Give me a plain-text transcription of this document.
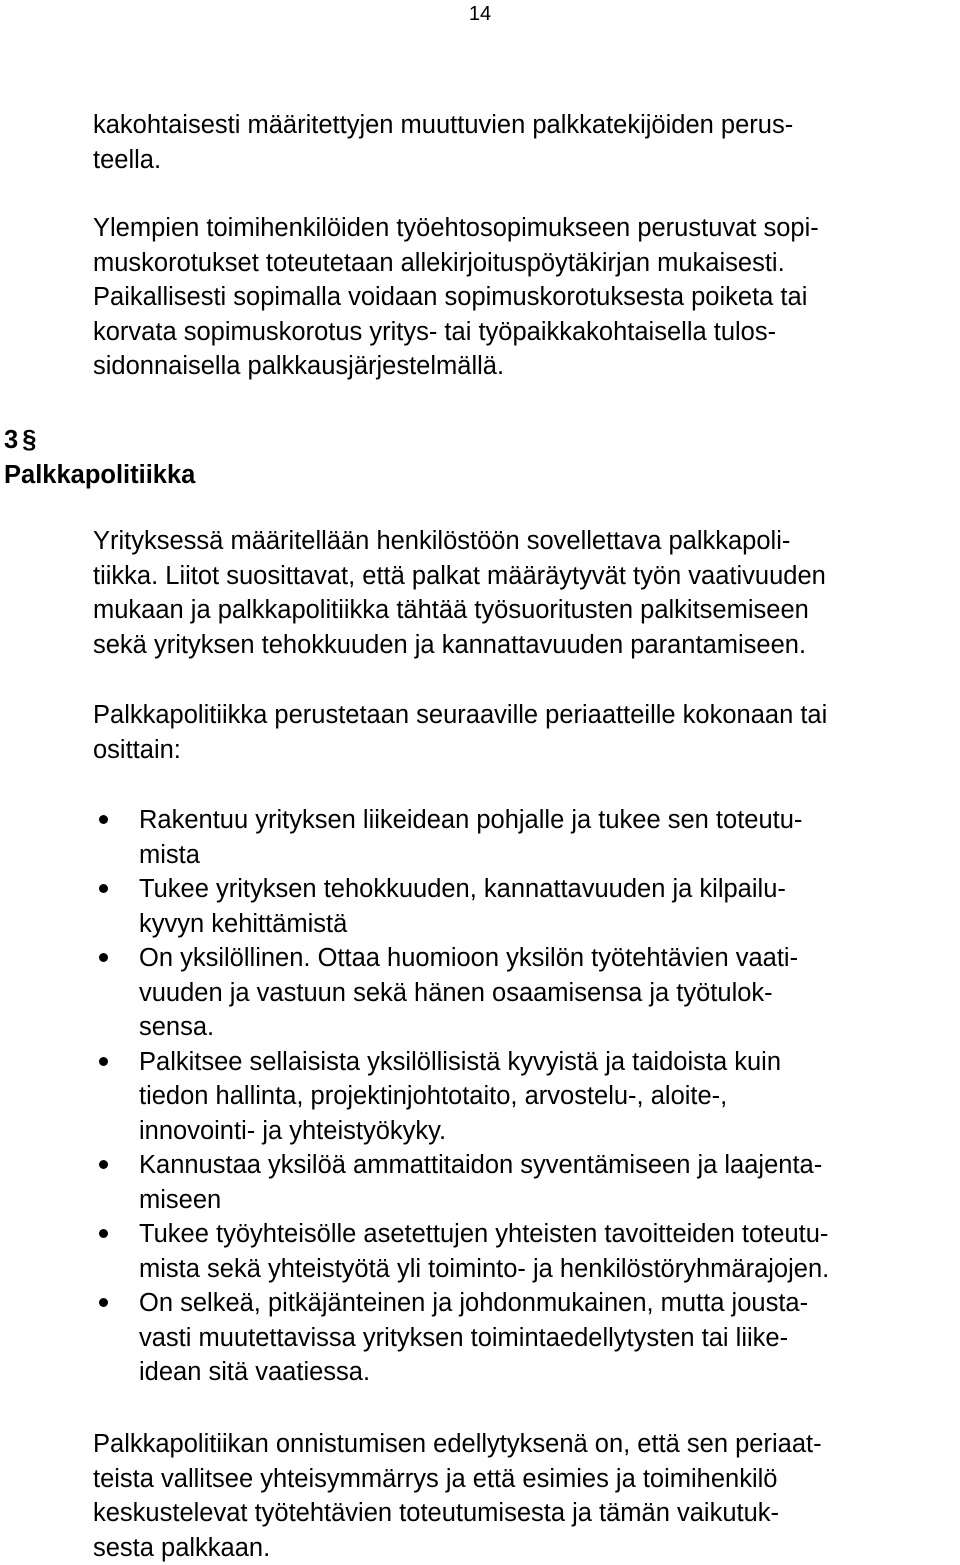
14

kakohtaisesti määritettyjen muuttuvien palkkatekijöiden perus-
teella.

Ylempien toimihenkilöiden työehtosopimukseen perustuvat sopi-
muskorotukset toteutetaan allekirjoituspöytäkirjan mukaisesti.
Paikallisesti sopimalla voidaan sopimuskorotuksesta poiketa tai
korvata sopimuskorotus yritys- tai työpaikkakohtaisella tulos-
sidonnaisella palkkausjärjestelmällä.

3 §
Palkkapolitiikka

Yrityksessä määritellään henkilöstöön sovellettava palkkapoli-
tiikka. Liitot suosittavat, että palkat määräytyvät työn vaativuuden
mukaan ja palkkapolitiikka tähtää työsuoritusten palkitsemiseen
sekä yrityksen tehokkuuden ja kannattavuuden parantamiseen.

Palkkapolitiikka perustetaan seuraaville periaatteille kokonaan tai
osittain:

Rakentuu yrityksen liikeidean pohjalle ja tukee sen toteutu-
mista
Tukee yrityksen tehokkuuden, kannattavuuden ja kilpailu-
kyvyn kehittämistä
On yksilöllinen. Ottaa huomioon yksilön työtehtävien vaati-
vuuden ja vastuun sekä hänen osaamisensa ja työtulok-
sensa.
Palkitsee sellaisista yksilöllisistä kyvyistä ja taidoista kuin
tiedon hallinta, projektinjohtotaito, arvostelu-, aloite-,
innovointi- ja yhteistyökyky.
Kannustaa yksilöä ammattitaidon syventämiseen ja laajenta-
miseen
Tukee työyhteisölle asetettujen yhteisten tavoitteiden toteutu-
mista sekä yhteistyötä yli toiminto- ja henkilöstöryhmärajojen.
On selkeä, pitkäjänteinen ja johdonmukainen, mutta jousta-
vasti muutettavissa yrityksen toimintaedellytysten tai liike-
idean sitä vaatiessa.

Palkkapolitiikan onnistumisen edellytyksenä on, että sen periaat-
teista vallitsee yhteisymmärrys ja että esimies ja toimihenkilö
keskustelevat työtehtävien toteutumisesta ja tämän vaikutuk-
sesta palkkaan.
